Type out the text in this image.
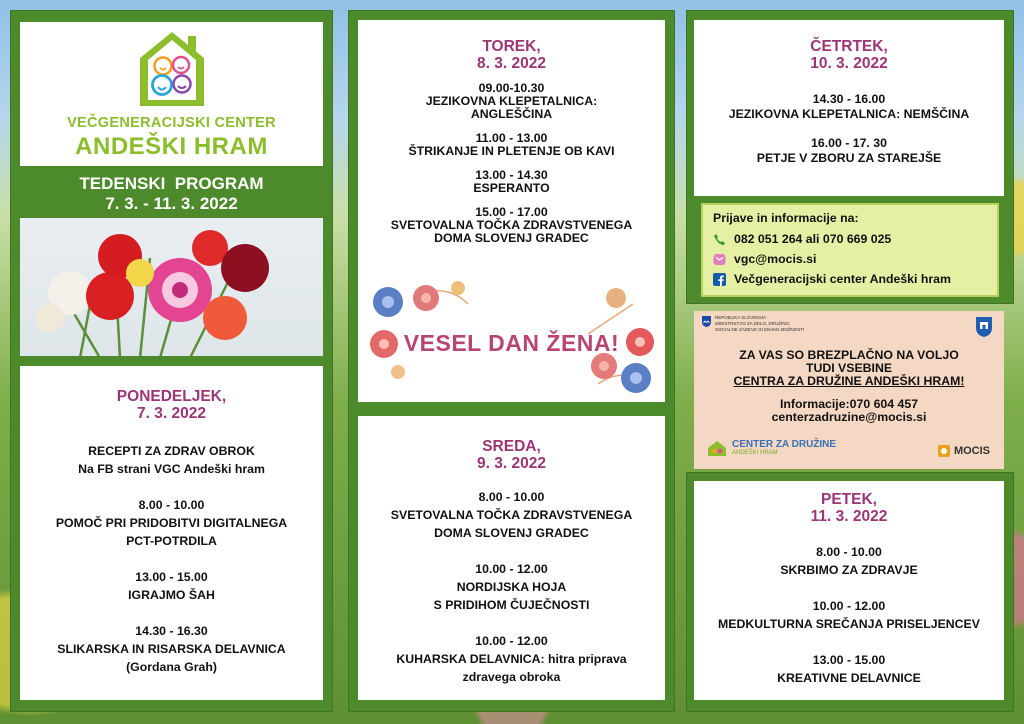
VEČGENERACIJSKI CENTER
ANDEŠKI HRAM
TEDENSKI  PROGRAM
7. 3. - 11. 3. 2022
PONEDELJEK,
7. 3. 2022
RECEPTI ZA ZDRAV OBROK
Na FB strani VGC Andeški hram
8.00 - 10.00
POMOČ PRI PRIDOBITVI DIGITALNEGA
PCT-POTRDILA
13.00 - 15.00
IGRAJMO ŠAH
14.30 - 16.30
SLIKARSKA IN RISARSKA DELAVNICA
(Gordana Grah)
TOREK,
8. 3. 2022
09.00-10.30
JEZIKOVNA KLEPETALNICA:
ANGLEŠČINA
11.00 - 13.00
ŠTRIKANJE IN PLETENJE OB KAVI
13.00 - 14.30
ESPERANTO
15.00 - 17.00
SVETOVALNA TOČKA ZDRAVSTVENEGA
DOMA SLOVENJ GRADEC
VESEL DAN ŽENA!
SREDA,
9. 3. 2022
8.00 - 10.00
SVETOVALNA TOČKA ZDRAVSTVENEGA
DOMA SLOVENJ GRADEC
10.00 - 12.00
NORDIJSKA HOJA
S PRIDIHOM ČUJEČNOSTI
10.00 - 12.00
KUHARSKA DELAVNICA: hitra priprava
zdravega obroka
ČETRTEK,
10. 3. 2022
14.30 - 16.00
JEZIKOVNA KLEPETALNICA: NEMŠČINA
16.00 - 17. 30
PETJE V ZBORU ZA STAREJŠE
Prijave in informacije na:
082 051 264 ali 070 669 025
vgc@mocis.si
Večgeneracijski center Andeški hram
REPUBLIKA SLOVENIJA
MINISTRSTVO ZA DELO, DRUŽINO,
SOCIALNE ZADEVE IN ENAKE MOŽNOSTI
ZA VAS SO BREZPLAČNO NA VOLJO
TUDI VSEBINE
CENTRA ZA DRUŽINE ANDEŠKI HRAM!
Informacije:070 604 457
centerzadruzine@mocis.si
CENTER ZA DRUŽINE
ANDEŠKI HRAM	MOCIS
PETEK,
11. 3. 2022
8.00 - 10.00
SKRBIMO ZA ZDRAVJE
10.00 - 12.00
MEDKULTURNA SREČANJA PRISELJENCEV
13.00 - 15.00
KREATIVNE DELAVNICE
